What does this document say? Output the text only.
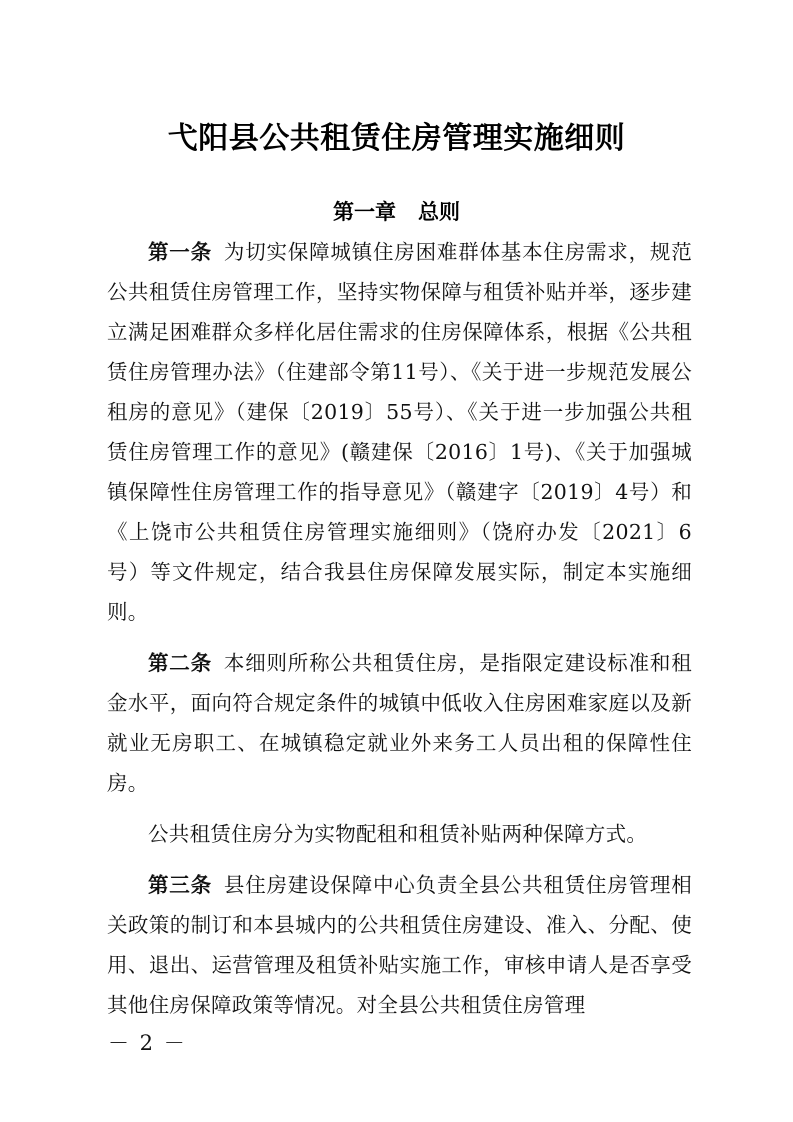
弋阳县公共租赁住房管理实施细则
第一章 总则

第一条 为切实保障城镇住房困难群体基本住房需求，规范公共租赁住房管理工作，坚持实物保障与租赁补贴并举，逐步建立满足困难群众多样化居住需求的住房保障体系，根据《公共租赁住房管理办法》（住建部令第11号）、《关于进一步规范发展公租房的意见》（建保〔2019〕55号）、《关于进一步加强公共租赁住房管理工作的意见》(赣建保〔2016〕1号)、《关于加强城镇保障性住房管理工作的指导意见》（赣建字〔2019〕4号）和《上饶市公共租赁住房管理实施细则》（饶府办发〔2021〕6号）等文件规定，结合我县住房保障发展实际，制定本实施细则。

第二条 本细则所称公共租赁住房，是指限定建设标准和租金水平，面向符合规定条件的城镇中低收入住房困难家庭以及新就业无房职工、在城镇稳定就业外来务工人员出租的保障性住房。

公共租赁住房分为实物配租和租赁补贴两种保障方式。

第三条 县住房建设保障中心负责全县公共租赁住房管理相关政策的制订和本县城内的公共租赁住房建设、准入、分配、使用、退出、运营管理及租赁补贴实施工作，审核申请人是否享受其他住房保障政策等情况。对全县公共租赁住房管理

－ 2 －
